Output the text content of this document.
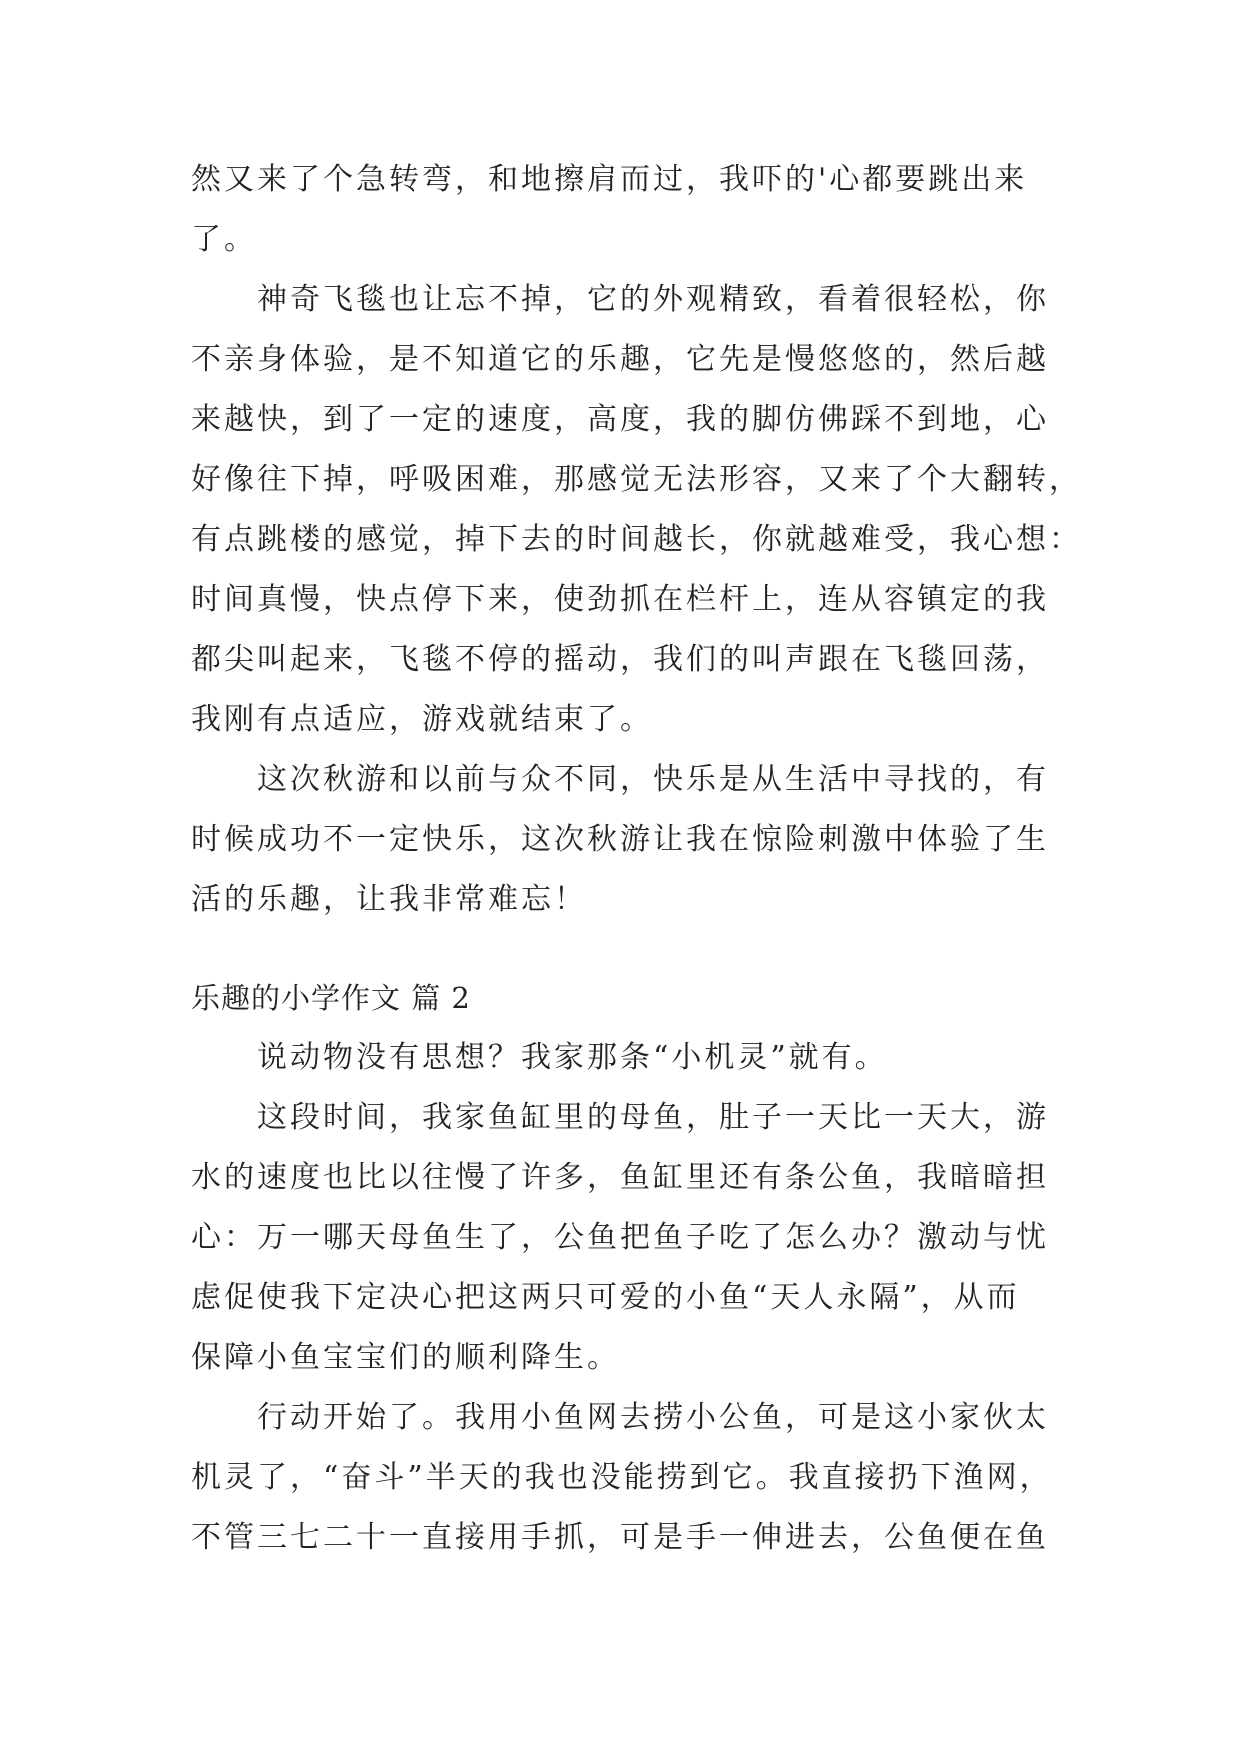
然又来了个急转弯，和地擦肩而过，我吓的'心都要跳出来
了。
神奇飞毯也让忘不掉，它的外观精致，看着很轻松，你
不亲身体验，是不知道它的乐趣，它先是慢悠悠的，然后越
来越快，到了一定的速度，高度，我的脚仿佛踩不到地，心
好像往下掉，呼吸困难，那感觉无法形容，又来了个大翻转，
有点跳楼的感觉，掉下去的时间越长，你就越难受，我心想：
时间真慢，快点停下来，使劲抓在栏杆上，连从容镇定的我
都尖叫起来，飞毯不停的摇动，我们的叫声跟在飞毯回荡，
我刚有点适应，游戏就结束了。
这次秋游和以前与众不同，快乐是从生活中寻找的，有
时候成功不一定快乐，这次秋游让我在惊险刺激中体验了生
活的乐趣，让我非常难忘！
乐趣的小学作文 篇 2
说动物没有思想？我家那条“小机灵”就有。
这段时间，我家鱼缸里的母鱼，肚子一天比一天大，游
水的速度也比以往慢了许多，鱼缸里还有条公鱼，我暗暗担
心：万一哪天母鱼生了，公鱼把鱼子吃了怎么办？激动与忧
虑促使我下定决心把这两只可爱的小鱼“天人永隔”，从而
保障小鱼宝宝们的顺利降生。
行动开始了。我用小鱼网去捞小公鱼，可是这小家伙太
机灵了，“奋斗”半天的我也没能捞到它。我直接扔下渔网，
不管三七二十一直接用手抓，可是手一伸进去，公鱼便在鱼
